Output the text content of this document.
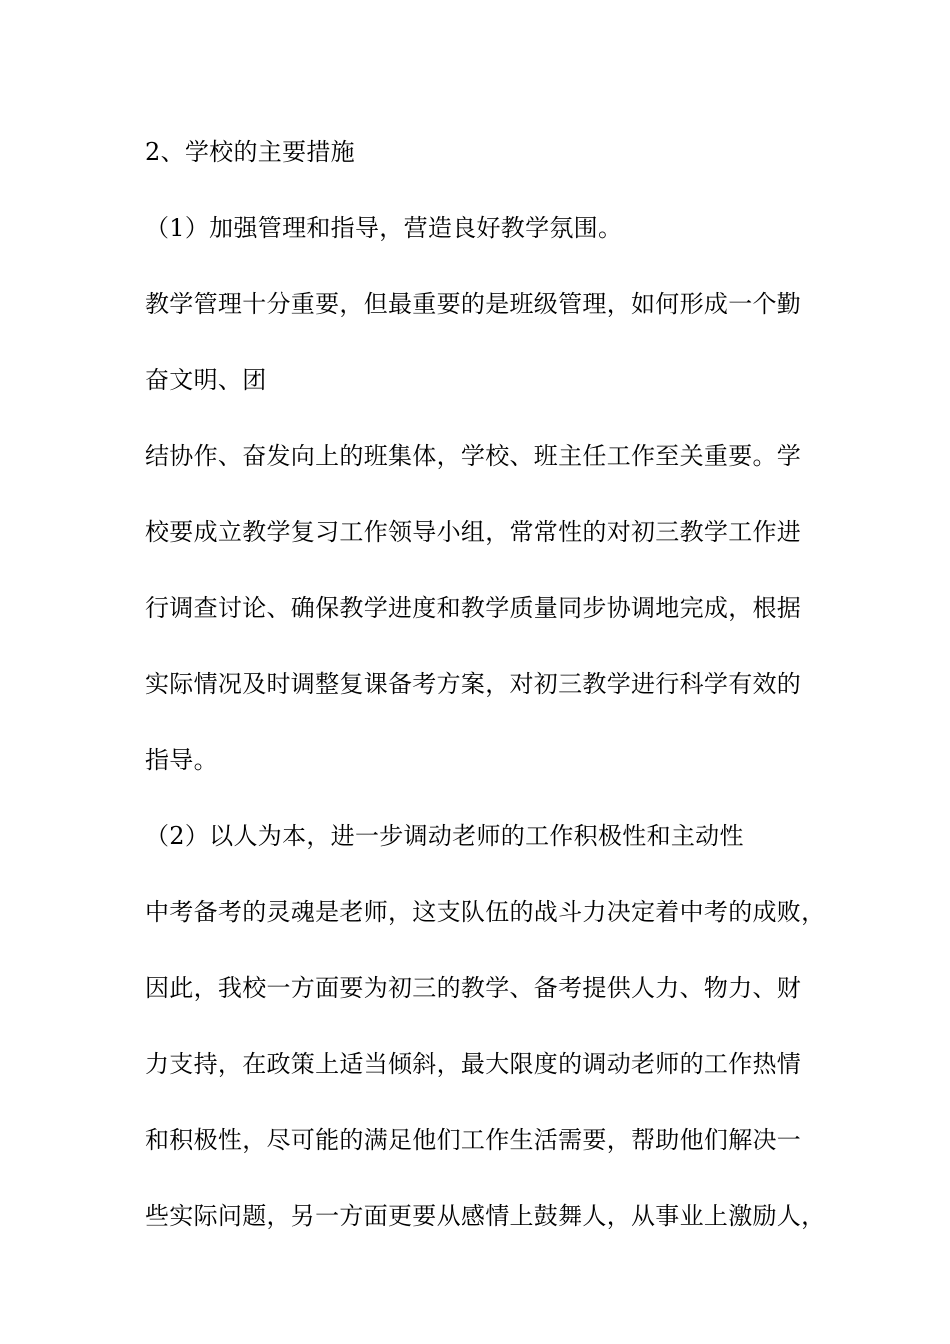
2、学校的主要措施
（1）加强管理和指导，营造良好教学氛围。
教学管理十分重要，但最重要的是班级管理，如何形成一个勤
奋文明、团
结协作、奋发向上的班集体，学校、班主任工作至关重要。学
校要成立教学复习工作领导小组，常常性的对初三教学工作进
行调查讨论、确保教学进度和教学质量同步协调地完成，根据
实际情况及时调整复课备考方案，对初三教学进行科学有效的
指导。
（2）以人为本，进一步调动老师的工作积极性和主动性
中考备考的灵魂是老师，这支队伍的战斗力决定着中考的成败，
因此，我校一方面要为初三的教学、备考提供人力、物力、财
力支持，在政策上适当倾斜，最大限度的调动老师的工作热情
和积极性，尽可能的满足他们工作生活需要，帮助他们解决一
些实际问题，另一方面更要从感情上鼓舞人，从事业上激励人，
